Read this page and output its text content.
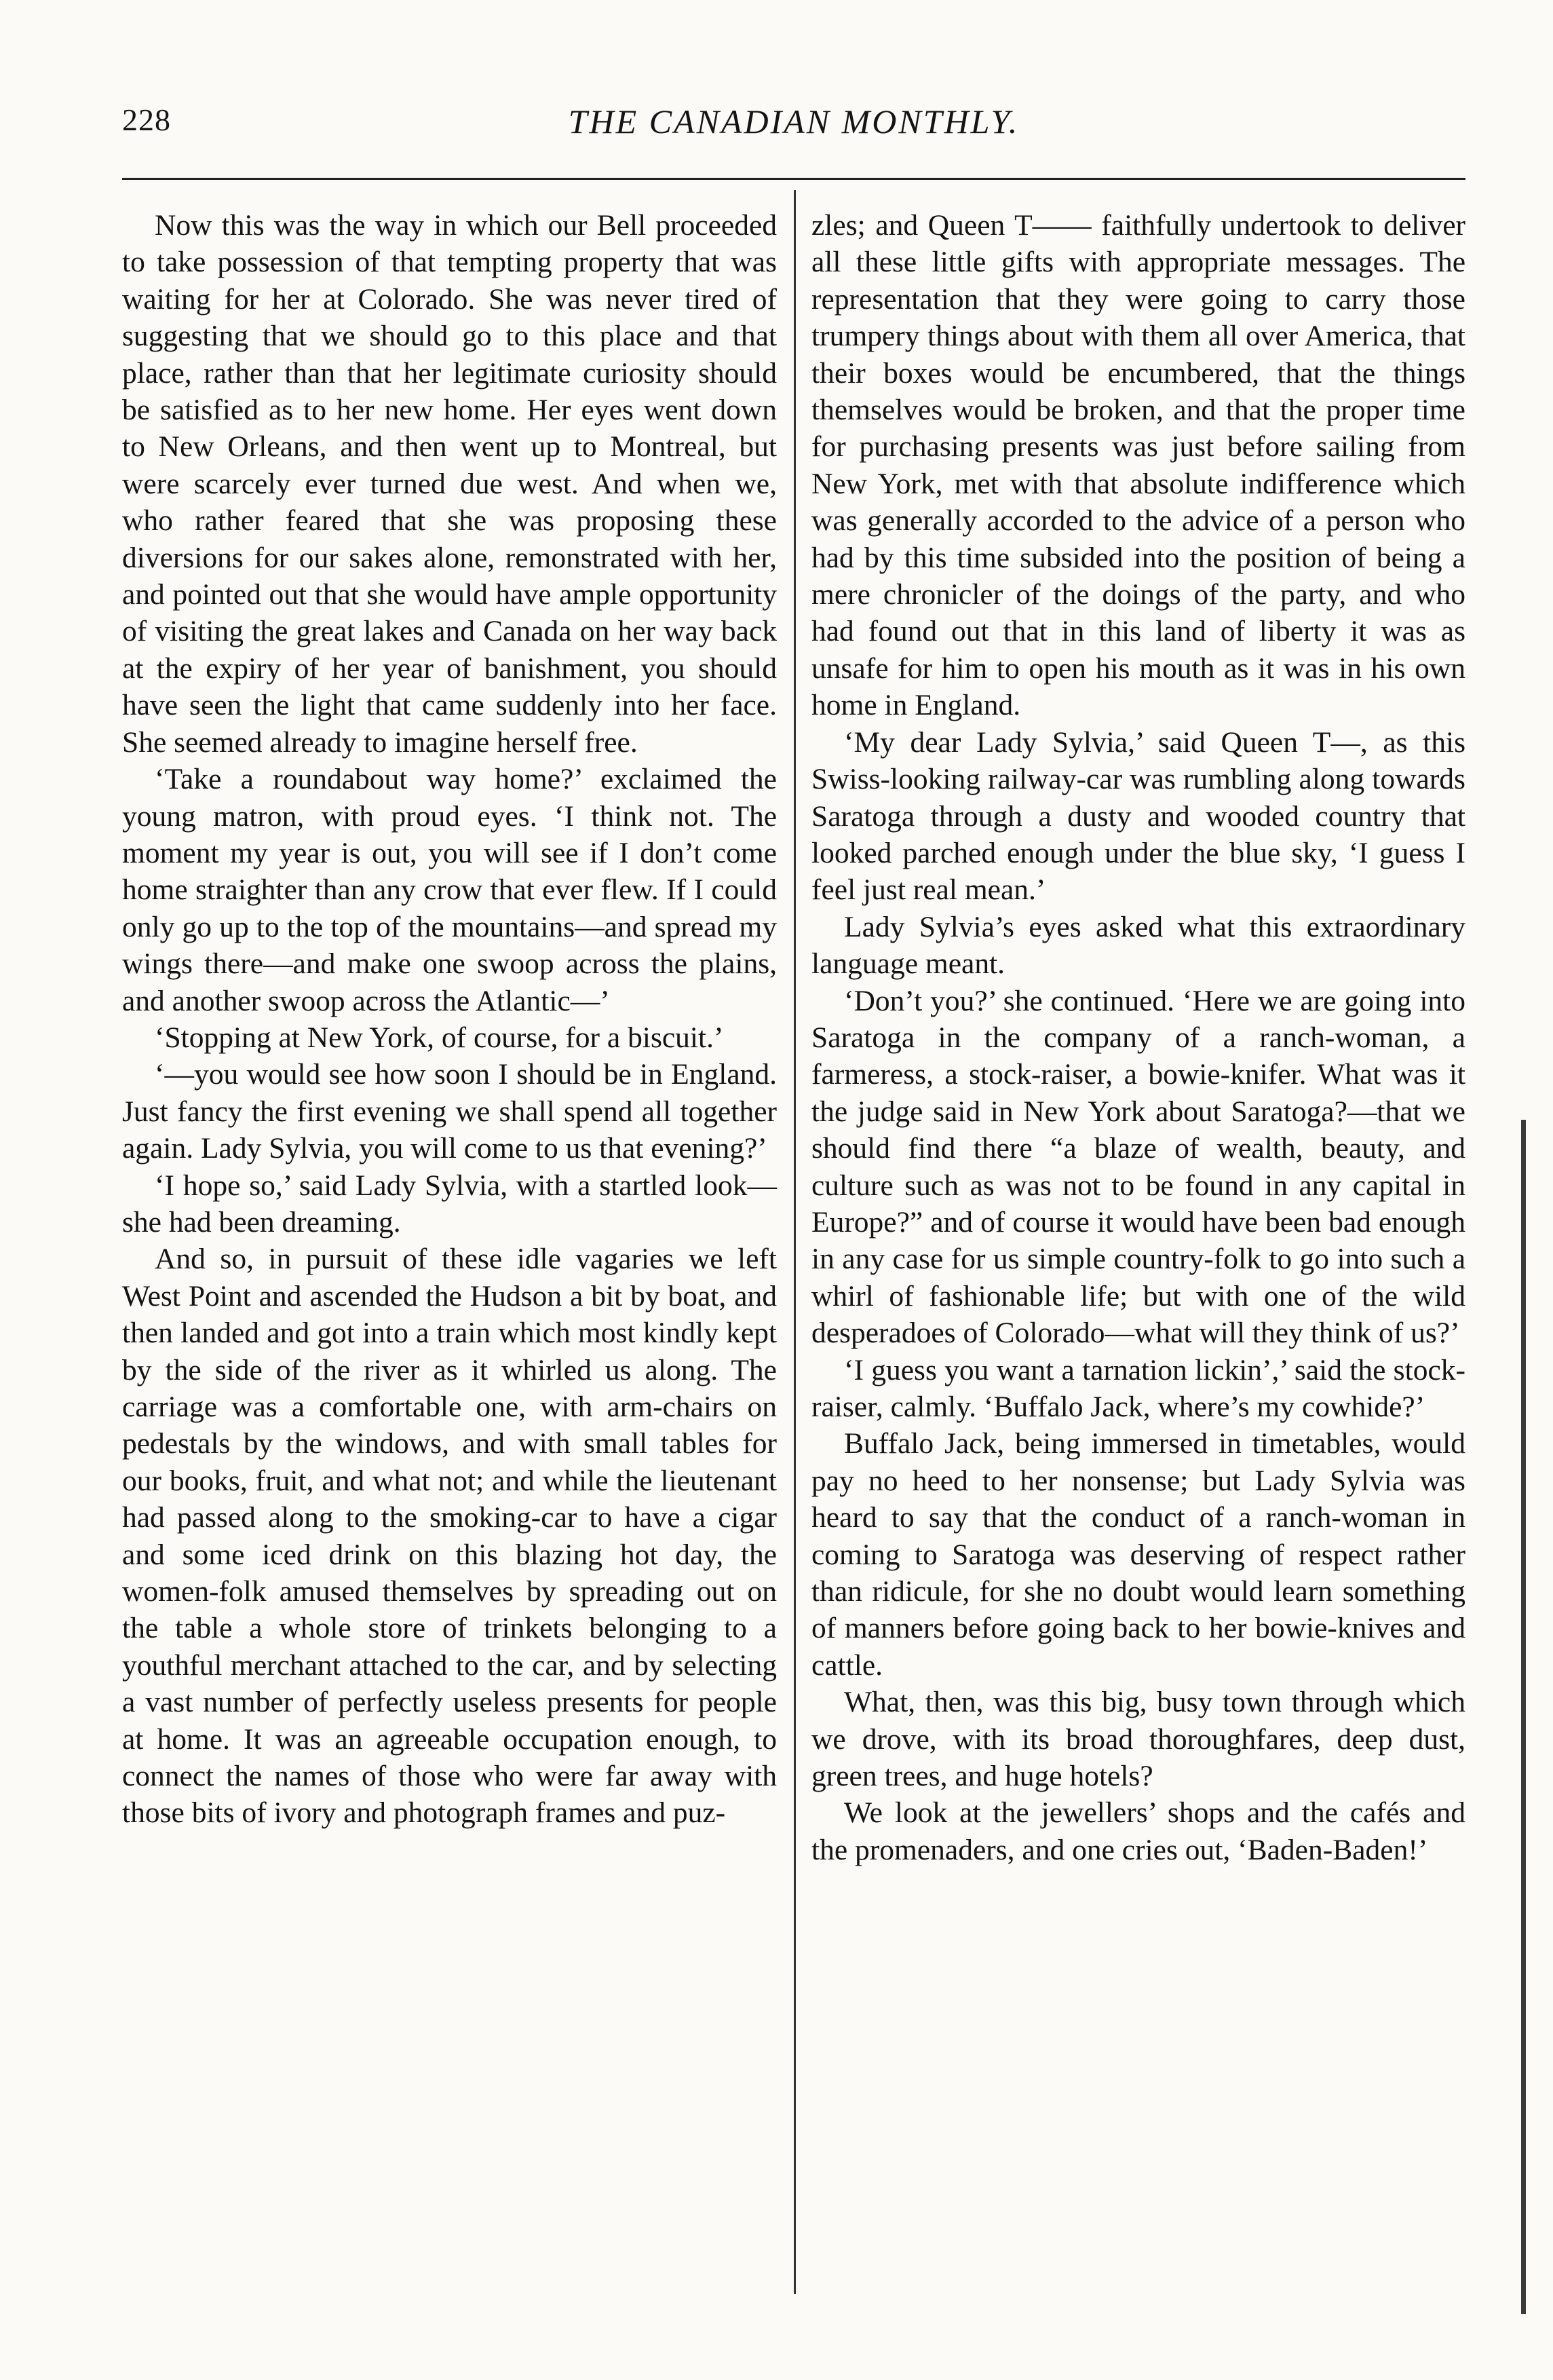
228	THE CANADIAN MONTHLY.

Now this was the way in which our Bell proceeded to take possession of that tempting property that was waiting for her at Colorado. She was never tired of suggesting that we should go to this place and that place, rather than that her legitimate curiosity should be satisfied as to her new home. Her eyes went down to New Orleans, and then went up to Montreal, but were scarcely ever turned due west. And when we, who rather feared that she was proposing these diversions for our sakes alone, remonstrated with her, and pointed out that she would have ample opportunity of visiting the great lakes and Canada on her way back at the expiry of her year of banishment, you should have seen the light that came suddenly into her face. She seemed already to imagine herself free.

‘Take a roundabout way home?’ exclaimed the young matron, with proud eyes. ‘I think not. The moment my year is out, you will see if I don’t come home straighter than any crow that ever flew. If I could only go up to the top of the mountains—and spread my wings there—and make one swoop across the plains, and another swoop across the Atlantic—’

‘Stopping at New York, of course, for a biscuit.’

‘—you would see how soon I should be in England. Just fancy the first evening we shall spend all together again. Lady Sylvia, you will come to us that evening?’

‘I hope so,’ said Lady Sylvia, with a startled look—she had been dreaming.

And so, in pursuit of these idle vagaries we left West Point and ascended the Hudson a bit by boat, and then landed and got into a train which most kindly kept by the side of the river as it whirled us along. The carriage was a comfortable one, with arm-chairs on pedestals by the windows, and with small tables for our books, fruit, and what not; and while the lieutenant had passed along to the smoking-car to have a cigar and some iced drink on this blazing hot day, the women-folk amused themselves by spreading out on the table a whole store of trinkets belonging to a youthful merchant attached to the car, and by selecting a vast number of perfectly useless presents for people at home. It was an agreeable occupation enough, to connect the names of those who were far away with those bits of ivory and photograph frames and puz-

zles; and Queen T—— faithfully undertook to deliver all these little gifts with appropriate messages. The representation that they were going to carry those trumpery things about with them all over America, that their boxes would be encumbered, that the things themselves would be broken, and that the proper time for purchasing presents was just before sailing from New York, met with that absolute indifference which was generally accorded to the advice of a person who had by this time subsided into the position of being a mere chronicler of the doings of the party, and who had found out that in this land of liberty it was as unsafe for him to open his mouth as it was in his own home in England.

‘My dear Lady Sylvia,’ said Queen T—, as this Swiss-looking railway-car was rumbling along towards Saratoga through a dusty and wooded country that looked parched enough under the blue sky, ‘I guess I feel just real mean.’

Lady Sylvia’s eyes asked what this extraordinary language meant.

‘Don’t you?’ she continued. ‘Here we are going into Saratoga in the company of a ranch-woman, a farmeress, a stock-raiser, a bowie-knifer. What was it the judge said in New York about Saratoga?—that we should find there “a blaze of wealth, beauty, and culture such as was not to be found in any capital in Europe?” and of course it would have been bad enough in any case for us simple country-folk to go into such a whirl of fashionable life; but with one of the wild desperadoes of Colorado—what will they think of us?’

‘I guess you want a tarnation lickin’,’ said the stock-raiser, calmly. ‘Buffalo Jack, where’s my cowhide?’

Buffalo Jack, being immersed in timetables, would pay no heed to her nonsense; but Lady Sylvia was heard to say that the conduct of a ranch-woman in coming to Saratoga was deserving of respect rather than ridicule, for she no doubt would learn something of manners before going back to her bowie-knives and cattle.

What, then, was this big, busy town through which we drove, with its broad thoroughfares, deep dust, green trees, and huge hotels?

We look at the jewellers’ shops and the cafés and the promenaders, and one cries out, ‘Baden-Baden!’
